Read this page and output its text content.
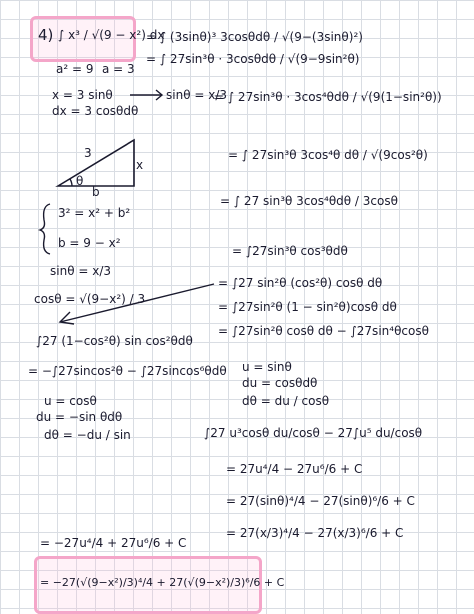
4) ∫ x³ / √(9 − x²) dx
a² = 9 a = 3
x = 3 sinθ	sinθ = x/3
dx = 3 cosθdθ
3
x
b
θ
3² = x² + b²
b = 9 − x²
sinθ = x/3
cosθ = √(9−x²) / 3
∫27 (1−cos²θ) sin cos²θdθ
= −∫27sincos²θ − ∫27sincos⁶θdθ
u = cosθ
du = −sin θdθ
dθ = −du / sin
= ∫ (3sinθ)³ 3cosθdθ / √(9−(3sinθ)²)
= ∫ 27sin³θ · 3cosθdθ / √(9−9sin²θ)
= ∫ 27sin³θ · 3cos⁴θdθ / √(9(1−sin²θ))
= ∫ 27sin³θ 3cos⁴θ dθ / √(9cos²θ)
= ∫ 27 sin³θ 3cos⁴θdθ / 3cosθ
= ∫27sin³θ cos³θdθ
= ∫27 sin²θ (cos²θ) cosθ dθ
= ∫27sin²θ (1 − sin²θ)cosθ dθ
= ∫27sin²θ cosθ dθ − ∫27sin⁴θcosθ
u = sinθ
du = cosθdθ
dθ = du / cosθ
∫27 u³cosθ du/cosθ − 27∫u⁵ du/cosθ
= 27u⁴/4 − 27u⁶/6 + C
= 27(sinθ)⁴/4 − 27(sinθ)⁶/6 + C
= 27(x/3)⁴/4 − 27(x/3)⁶/6 + C
= −27u⁴/4 + 27u⁶/6 + C
= −27(√(9−x²)/3)⁴/4 + 27(√(9−x²)/3)⁶/6 + C
